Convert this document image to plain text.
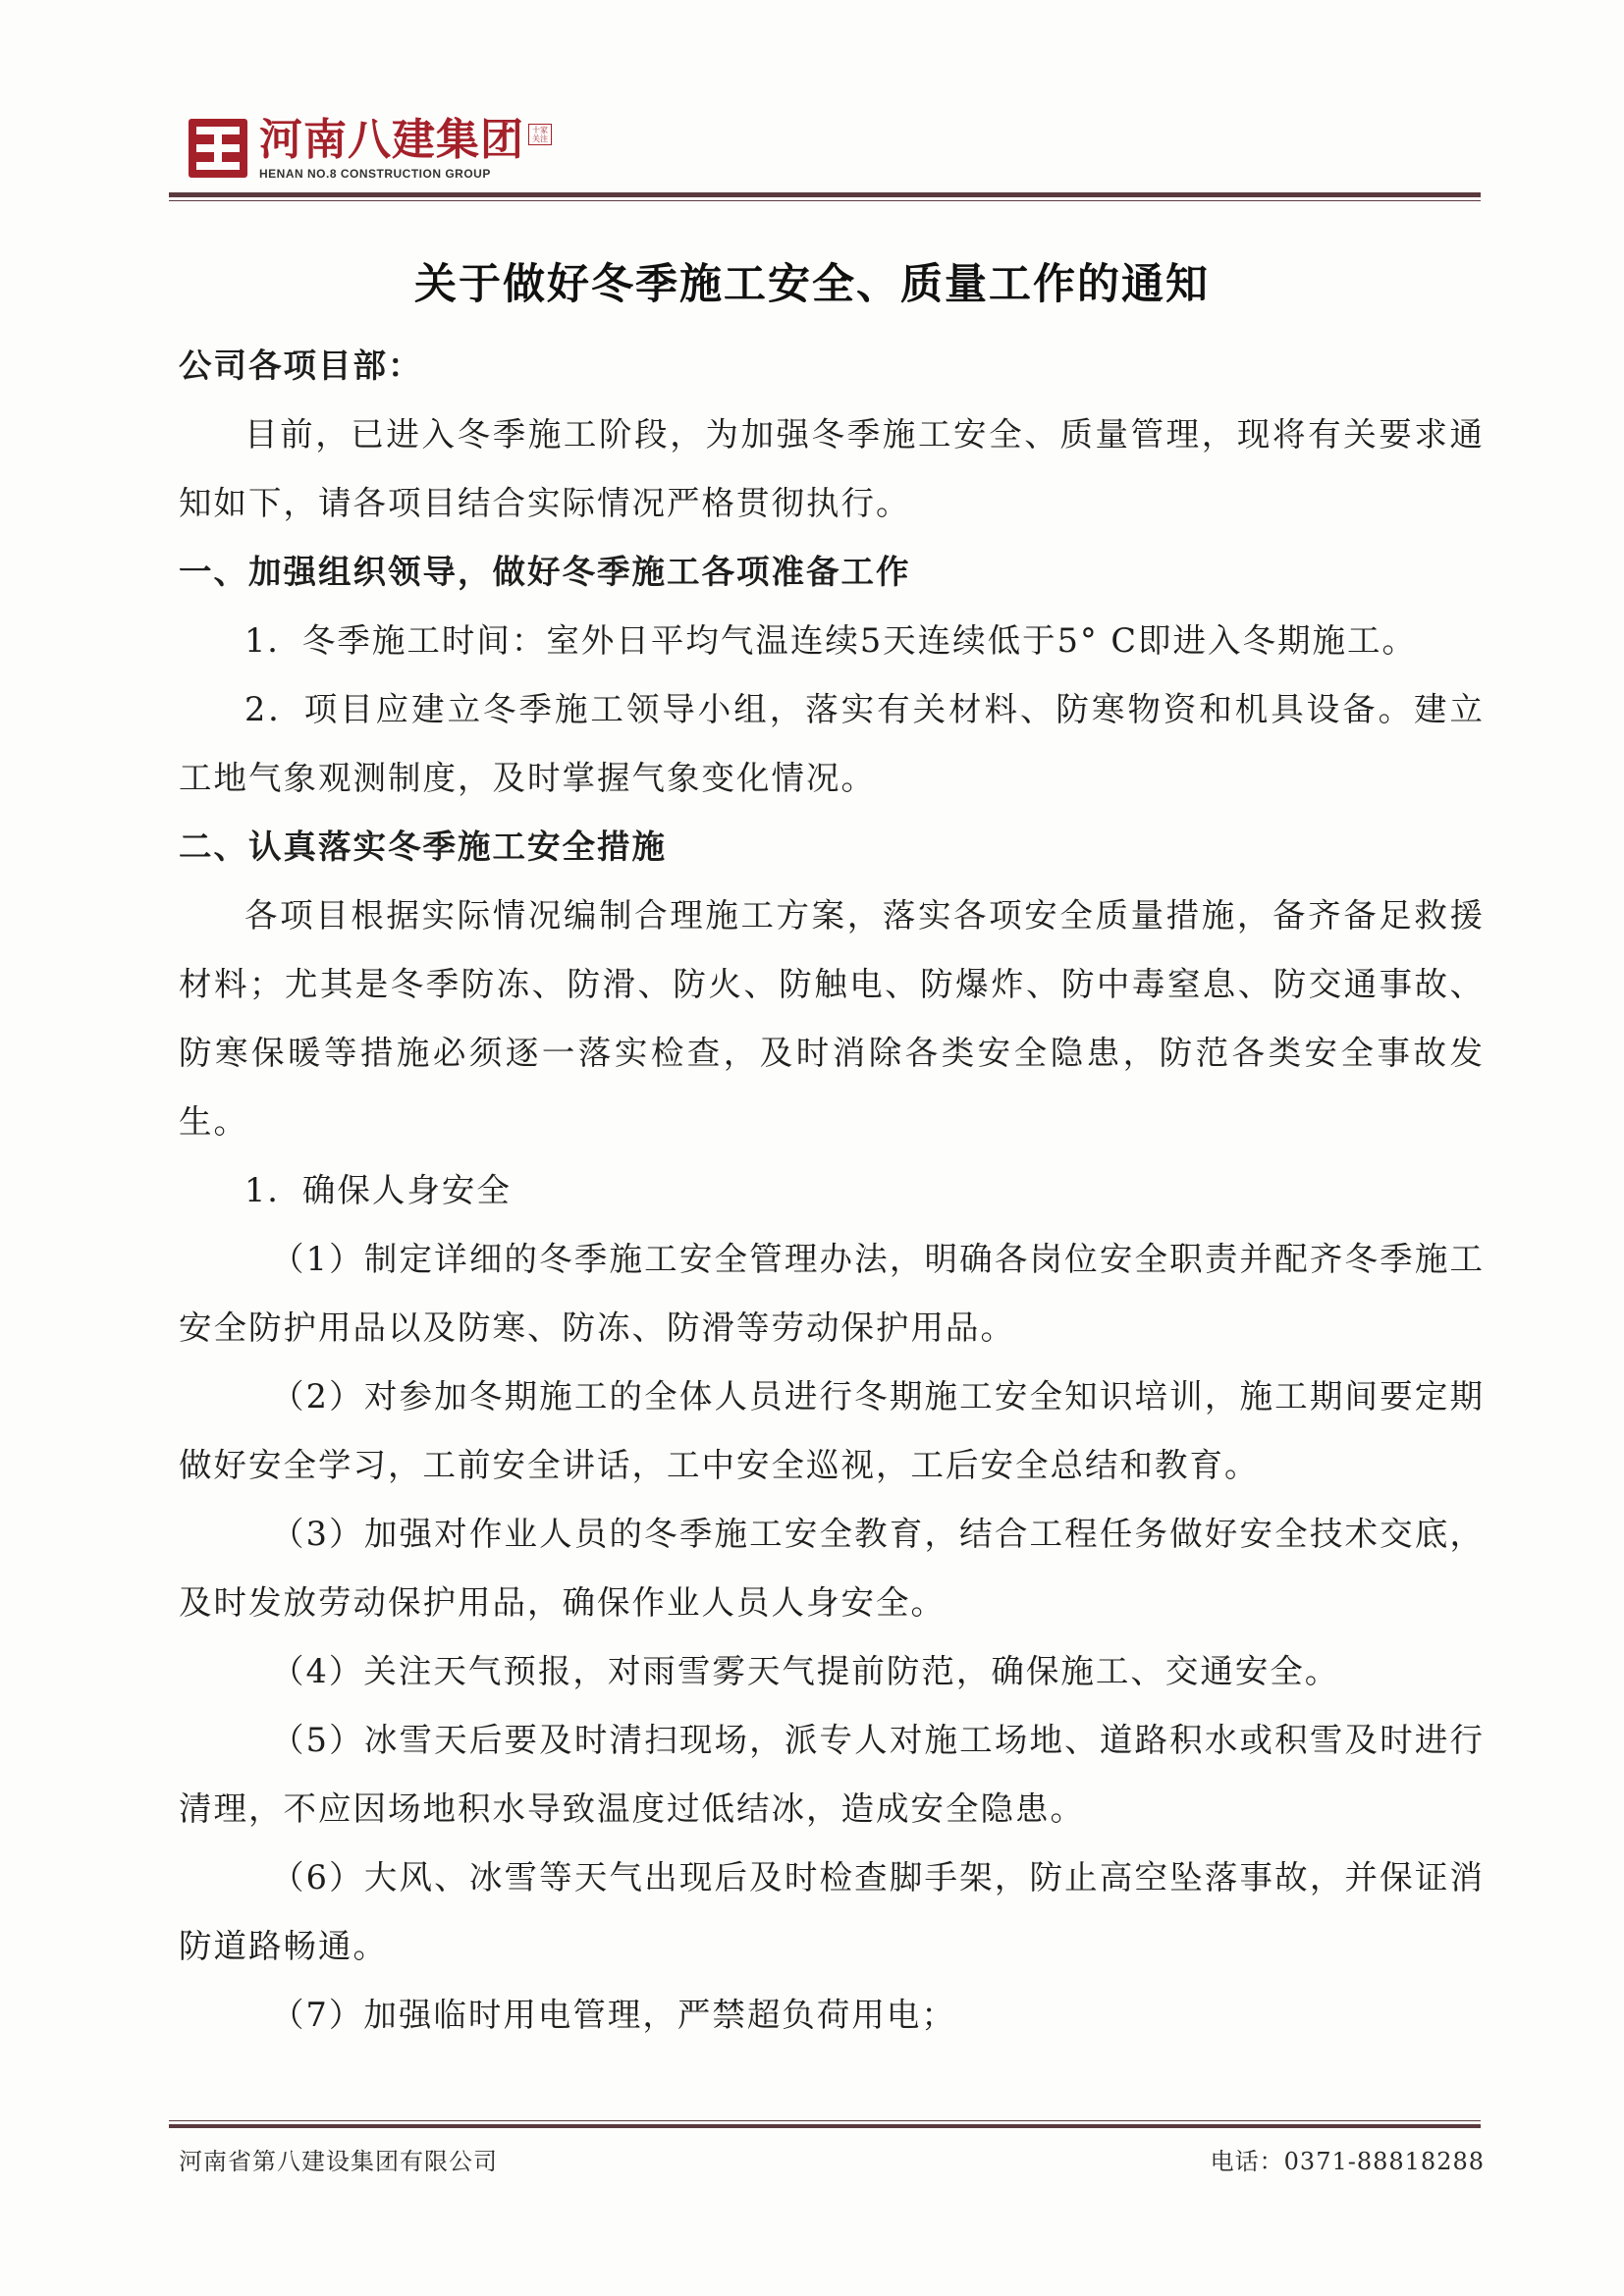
河南八建集团	十家关注
HENAN NO.8 CONSTRUCTION GROUP
关于做好冬季施工安全、质量工作的通知

公司各项目部：

目前，已进入冬季施工阶段，为加强冬季施工安全、质量管理，现将有关要求通知如下，请各项目结合实际情况严格贯彻执行。

一、加强组织领导，做好冬季施工各项准备工作

1．冬季施工时间：室外日平均气温连续5天连续低于5° C即进入冬期施工。

2．项目应建立冬季施工领导小组，落实有关材料、防寒物资和机具设备。建立工地气象观测制度，及时掌握气象变化情况。

二、认真落实冬季施工安全措施

各项目根据实际情况编制合理施工方案，落实各项安全质量措施，备齐备足救援材料；尤其是冬季防冻、防滑、防火、防触电、防爆炸、防中毒窒息、防交通事故、防寒保暖等措施必须逐一落实检查，及时消除各类安全隐患，防范各类安全事故发生。

1．确保人身安全

（1）制定详细的冬季施工安全管理办法，明确各岗位安全职责并配齐冬季施工安全防护用品以及防寒、防冻、防滑等劳动保护用品。

（2）对参加冬期施工的全体人员进行冬期施工安全知识培训，施工期间要定期做好安全学习，工前安全讲话，工中安全巡视，工后安全总结和教育。

（3）加强对作业人员的冬季施工安全教育，结合工程任务做好安全技术交底，及时发放劳动保护用品，确保作业人员人身安全。

（4）关注天气预报，对雨雪雾天气提前防范，确保施工、交通安全。

（5）冰雪天后要及时清扫现场，派专人对施工场地、道路积水或积雪及时进行清理，不应因场地积水导致温度过低结冰，造成安全隐患。

（6）大风、冰雪等天气出现后及时检查脚手架，防止高空坠落事故，并保证消防道路畅通。

（7）加强临时用电管理，严禁超负荷用电；

河南省第八建设集团有限公司	电话：0371-88818288
